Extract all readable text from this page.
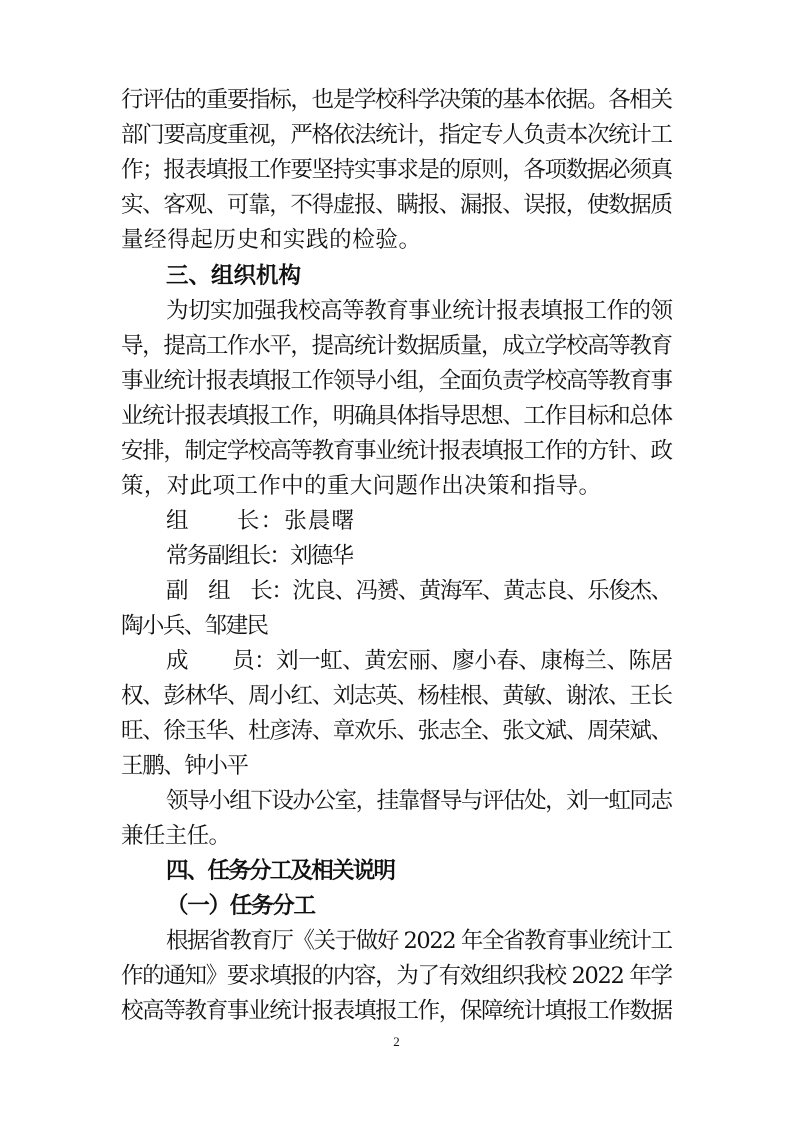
行评估的重要指标，也是学校科学决策的基本依据。各相关
部门要高度重视，严格依法统计，指定专人负责本次统计工
作；报表填报工作要坚持实事求是的原则，各项数据必须真
实、客观、可靠，不得虚报、瞒报、漏报、误报，使数据质
量经得起历史和实践的检验。
三、组织机构
为切实加强我校高等教育事业统计报表填报工作的领
导，提高工作水平，提高统计数据质量，成立学校高等教育
事业统计报表填报工作领导小组，全面负责学校高等教育事
业统计报表填报工作，明确具体指导思想、工作目标和总体
安排，制定学校高等教育事业统计报表填报工作的方针、政
策，对此项工作中的重大问题作出决策和指导。
组　　长：张晨曙
常务副组长：刘德华
副　组　长：沈良、冯赟、黄海军、黄志良、乐俊杰、
陶小兵、邹建民
成　　员：刘一虹、黄宏丽、廖小春、康梅兰、陈居
权、彭林华、周小红、刘志英、杨桂根、黄敏、谢浓、王长
旺、徐玉华、杜彦涛、章欢乐、张志全、张文斌、周荣斌、
王鹏、钟小平
领导小组下设办公室，挂靠督导与评估处，刘一虹同志
兼任主任。
四、任务分工及相关说明
（一）任务分工
根据省教育厅《关于做好 2022 年全省教育事业统计工
作的通知》要求填报的内容，为了有效组织我校 2022 年学
校高等教育事业统计报表填报工作，保障统计填报工作数据
2
